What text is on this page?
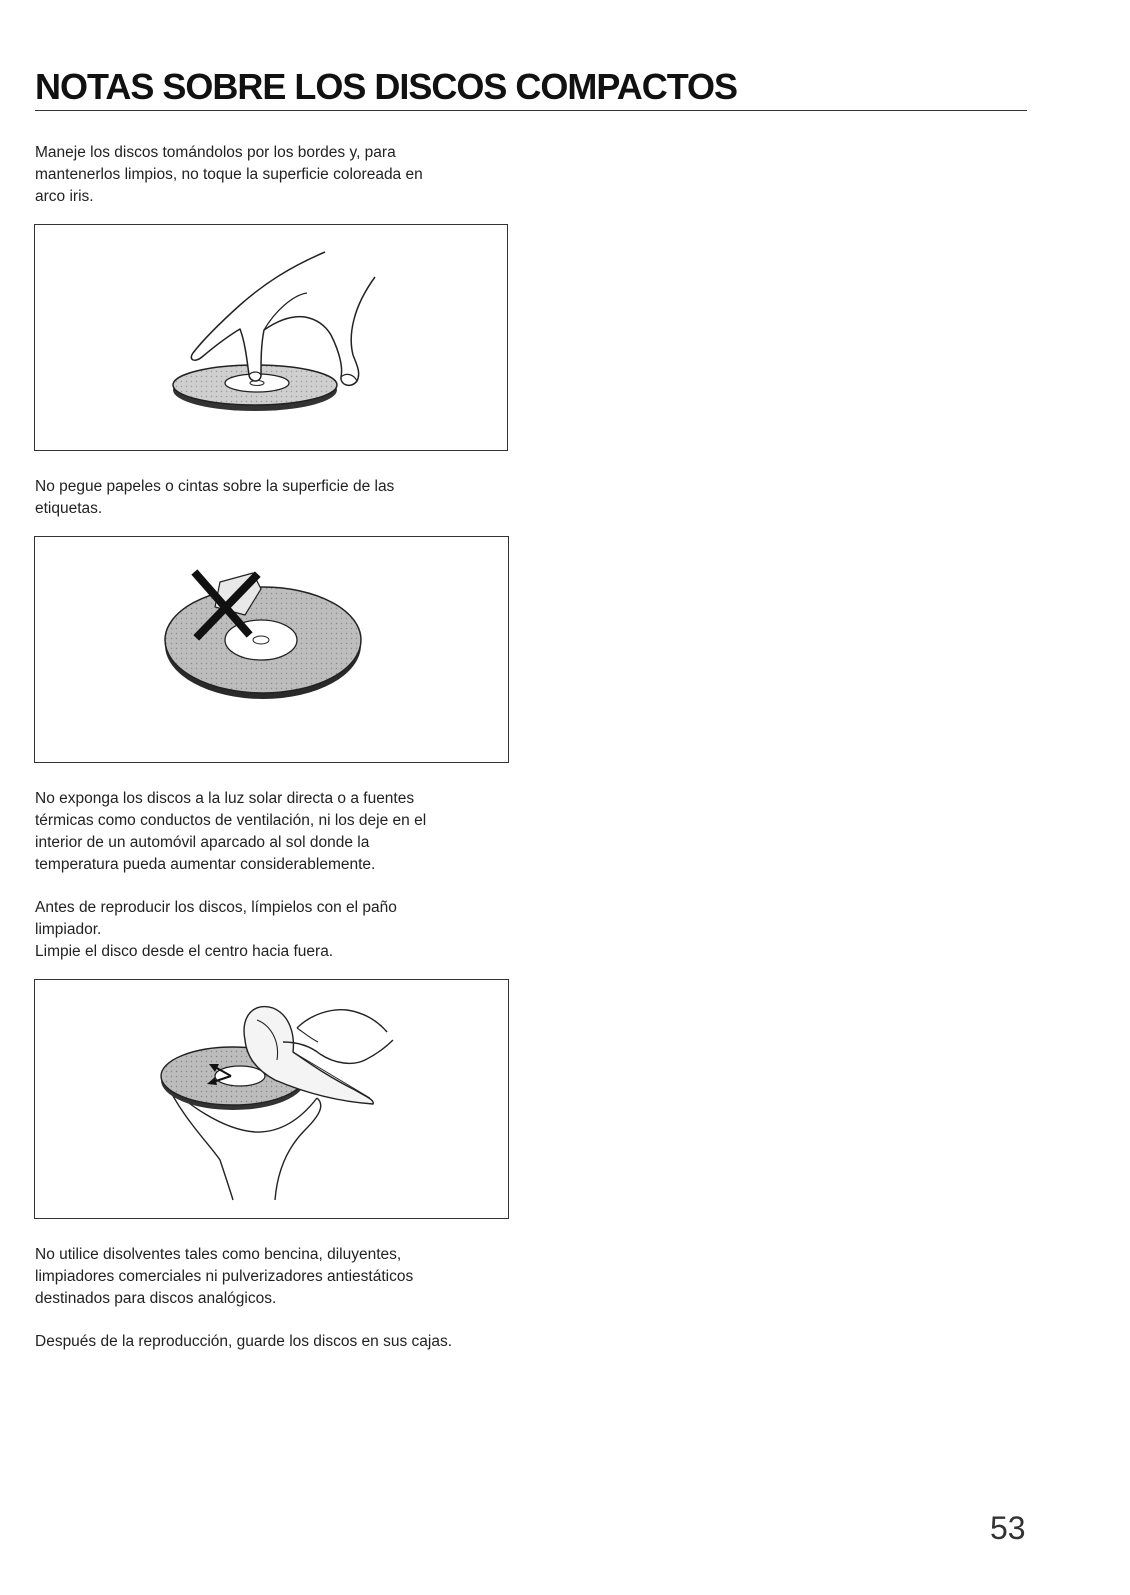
NOTAS SOBRE LOS DISCOS COMPACTOS

Maneje los discos tomándolos por los bordes y, para
mantenerlos limpios, no toque la superficie coloreada en
arco iris.

No pegue papeles o cintas sobre la superficie de las
etiquetas.

No exponga los discos a la luz solar directa o a fuentes
térmicas como conductos de ventilación, ni los deje en el
interior de un automóvil aparcado al sol donde la
temperatura pueda aumentar considerablemente.

Antes de reproducir los discos, límpielos con el paño
limpiador.
Limpie el disco desde el centro hacia fuera.

No utilice disolventes tales como bencina, diluyentes,
limpiadores comerciales ni pulverizadores antiestáticos
destinados para discos analógicos.

Después de la reproducción, guarde los discos en sus cajas.

53
